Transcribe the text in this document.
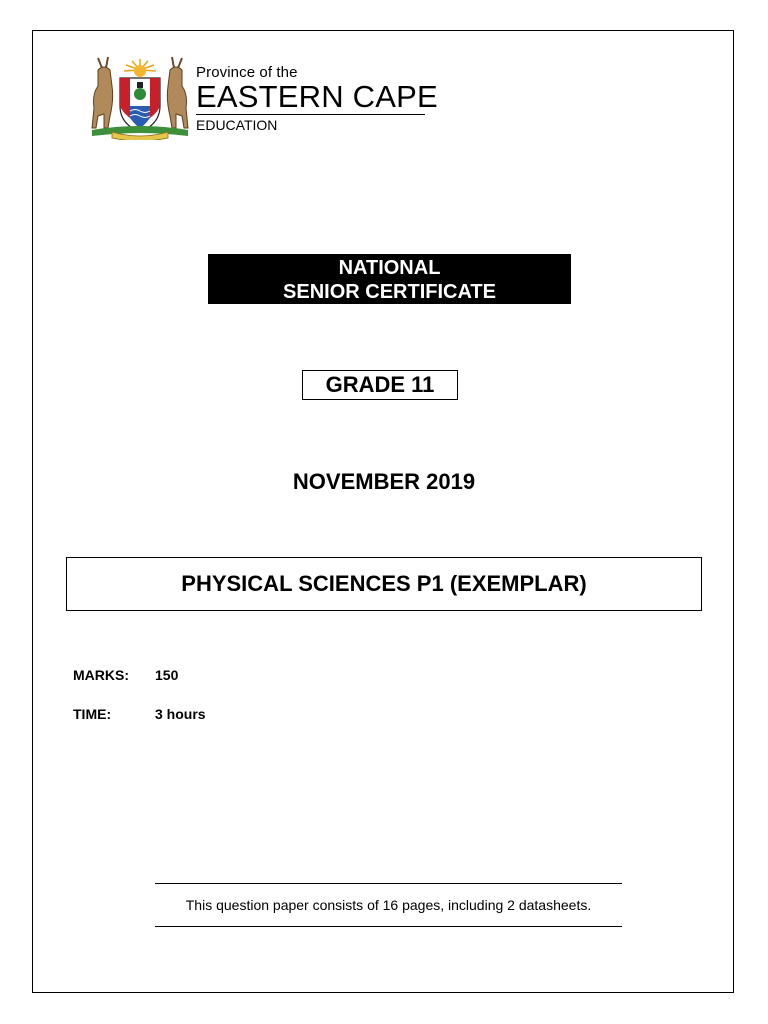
Province of the
EASTERN CAPE
EDUCATION
NATIONAL
SENIOR CERTIFICATE
GRADE 11
NOVEMBER 2019
PHYSICAL SCIENCES P1 (EXEMPLAR)
MARKS: 150
TIME:	3 hours
This question paper consists of 16 pages, including 2 datasheets.
